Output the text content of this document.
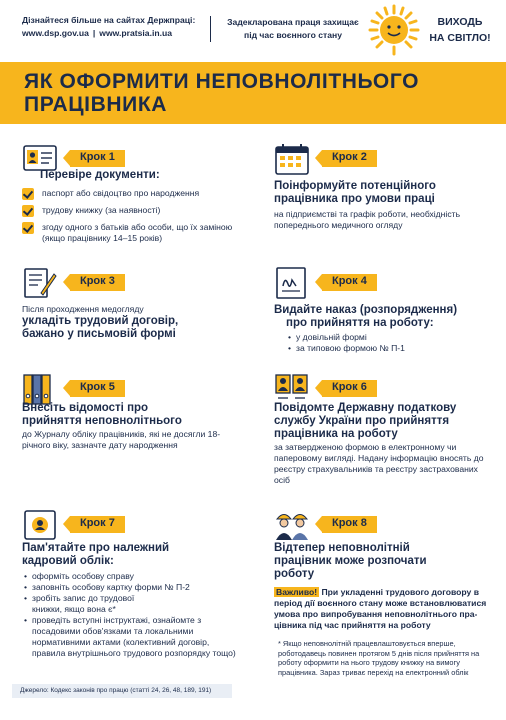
Дізнайтеся більше на сайтах Держпраці:
www.dsp.gov.ua | www.pratsia.in.ua
Задекларована праця захищає
під час воєнного стану
ВИХОДЬ
НА СВІТЛО!
ЯК ОФОРМИТИ НЕПОВНОЛІТНЬОГО
ПРАЦІВНИКА
Крок 1
Перевіре документи:
паспорт або свідоцтво про народження
трудову книжку (за наявності)
згоду одного з батьків або особи, що їх заміною (якщо працівнику 14–15 років)
Крок 2
Поінформуйте потенційного
працівника про умови праці
на підприємстві та графік роботи, необхідність попереднього медичного огляду
Крок 3
Після проходження медогляду
укладіть трудовий договір,
бажано у письмовій формі
Крок 4
Видайте наказ (розпорядження)
про прийняття на роботу:
• у довільній формі
• за типовою формою № П-1
Крок 5
Внесіть відомості про
прийняття неповнолітнього
до Журналу обліку працівників, які не досягли 18-річного віку, зазначте дату народження
Крок 6
Повідомте Державну податкову
службу України про прийняття
працівника на роботу
за затвердженою формою в електронному чи паперовому вигляді. Надану інформацію вносять до реєстру страхувальників та реєстру застрахованих осіб
Крок 7
Пам'ятайте про належний
кадровий облік:
• оформіть особову справу
• заповніть особову картку форми № П-2
• зробіть запис до трудової книжки, якщо вона є*
• проведіть вступні інструктажі, ознайомте з посадовими обов'язками та локальними нормативними актами (колективний договір, правила внутрішнього трудового розпорядку тощо)
Крок 8
Відтепер неповнолітній
працівник може розпочати
роботу
Важливо! При укладенні трудового договору в період дії воєнного стану може встановлюватися умова про випробування неповнолітнього пра-цівника під час прийняття на роботу
* Якщо неповнолітній працевлаштовується вперше, роботодавець повинен протягом 5 днів після прийняття на роботу оформити на нього трудову книжку на вимогу працівника. Зараз триває перехід на електронний облік
Джерело: Кодекс законів про працю (статті 24, 26, 48, 189, 191)
